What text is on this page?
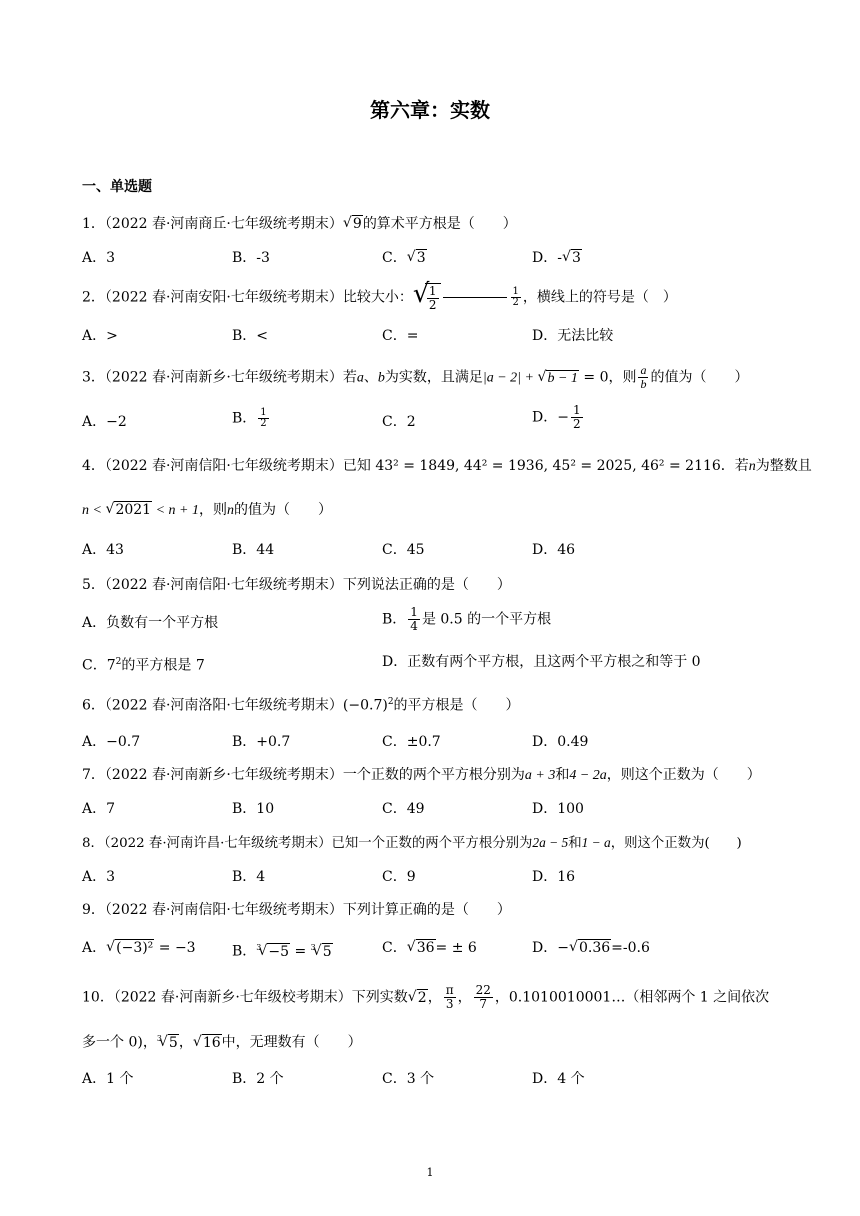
第六章：实数
一、单选题
1．（2022 春·河南商丘·七年级统考期末） √ 9的算术平方根是（　　）
A．3	B．-3	C． √ 3	D．- √ 3
2．（2022 春·河南安阳·七年级统考期末）比较大小： √
$\frac{1}{2}$	$\frac{1}{2}$ ，横线上的符号是（　）
A．>	B．<	C．=	D．无法比较
3．（2022 春·河南新乡·七年级统考期末）若a、b为实数，且满足|a − 2| + √ b − 1 = 0，则 $\frac{a}{b}$ 的值为（　　）
A．−2	B． $\frac{1}{2}$	C．2	D．− $\frac{1}{2}$
4．（2022 春·河南信阳·七年级统考期末）已知 43² = 1849, 44² = 1936, 45² = 2025, 46² = 2116．若n为整数且
n < √ 2021 < n + 1，则n的值为（　　）
A．43	B．44	C．45	D．46
5．（2022 春·河南信阳·七年级统考期末）下列说法正确的是（　　）
A．负数有一个平方根	B． $\frac{1}{4}$ 是 0.5 的一个平方根
C．$7^2$的平方根是 7	D．正数有两个平方根，且这两个平方根之和等于 0
6．（2022 春·河南洛阳·七年级统考期末）$(-0.7)^2$的平方根是（　　）
A．−0.7	B．+0.7	C．±0.7	D．0.49
7．（2022 春·河南新乡·七年级统考期末）一个正数的两个平方根分别为a + 3和4 − 2a，则这个正数为（　　）
A．7	B．10	C．49	D．100
8．（2022 春·河南许昌·七年级统考期末）已知一个正数的两个平方根分别为2a − 5和1 − a，则这个正数为(　　)
A．3	B．4	C．9	D．16
9．（2022 春·河南信阳·七年级统考期末）下列计算正确的是（　　）
A． √ (−3)² = −3	B．$^3$ √ −5 = $^3$ √ 5	C． √ 36= ± 6	D．− √ 0.36=-0.6
10．（2022 春·河南新乡·七年级校考期末）下列实数 √ 2， $\frac{\pi}{3}$ ， $\frac{22}{7}$ ，0.1010010001…（相邻两个 1 之间依次
多一个 0)，$^3$ √ 5， √ 16中，无理数有（　　）
A．1 个	B．2 个	C．3 个	D．4 个
1
